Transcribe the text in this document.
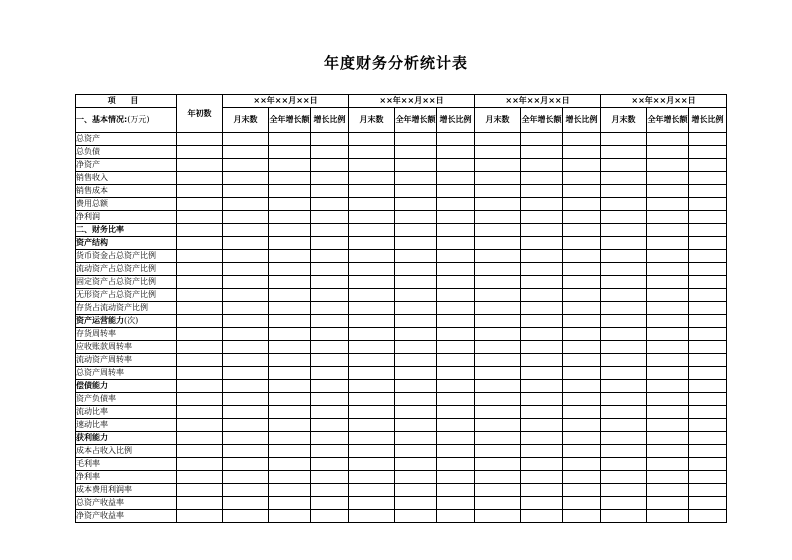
年度财务分析统计表
项 目	年初数	××年××月××日			××年××月××日			××年××月××日			××年××月××日		
一、基本情况:(万元)		月末数	全年增长额	增长比例	月末数	全年增长额	增长比例	月末数	全年增长额	增长比例	月末数	全年增长额	增长比例

总资产													
总负债													
净资产													
销售收入													
销售成本													
费用总额													
净利润													
二、财务比率													
资产结构													
货币资金占总资产比例													
流动资产占总资产比例													
固定资产占总资产比例													
无形资产占总资产比例													
存货占流动资产比例													
资产运营能力(次)													
存货周转率													
应收账款周转率													
流动资产周转率													
总资产周转率													
偿债能力													
资产负债率													
流动比率													
速动比率													
获利能力													
成本占收入比例													
毛利率													
净利率													
成本费用利润率													
总资产收益率													
净资产收益率													
